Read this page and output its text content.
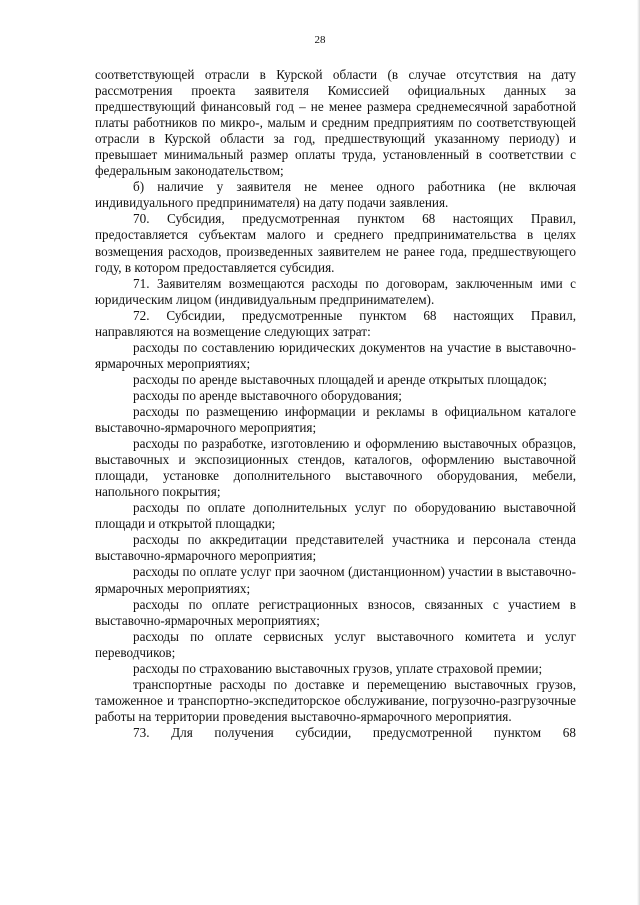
28

соответствующей отрасли в Курской области (в случае отсутствия на дату рассмотрения проекта заявителя Комиссией официальных данных за предшествующий финансовый год – не менее размера среднемесячной заработной платы работников по микро-, малым и средним предприятиям по соответствующей отрасли в Курской области за год, предшествующий указанному периоду) и превышает минимальный размер оплаты труда, установленный в соответствии с федеральным законодательством;

б) наличие у заявителя не менее одного работника (не включая индивидуального предпринимателя) на дату подачи заявления.

70. Субсидия, предусмотренная пунктом 68 настоящих Правил, предоставляется субъектам малого и среднего предпринимательства в целях возмещения расходов, произведенных заявителем не ранее года, предшествующего году, в котором предоставляется субсидия.

71. Заявителям возмещаются расходы по договорам, заключенным ими с юридическим лицом (индивидуальным предпринимателем).

72. Субсидии, предусмотренные пунктом 68 настоящих Правил, направляются на возмещение следующих затрат:

расходы по составлению юридических документов на участие в выставочно-ярмарочных мероприятиях;

расходы по аренде выставочных площадей и аренде открытых площадок;

расходы по аренде выставочного оборудования;

расходы по размещению информации и рекламы в официальном каталоге выставочно-ярмарочного мероприятия;

расходы по разработке, изготовлению и оформлению выставочных образцов, выставочных и экспозиционных стендов, каталогов, оформлению выставочной площади, установке дополнительного выставочного оборудования, мебели, напольного покрытия;

расходы по оплате дополнительных услуг по оборудованию выставочной площади и открытой площадки;

расходы по аккредитации представителей участника и персонала стенда выставочно-ярмарочного мероприятия;

расходы по оплате услуг при заочном (дистанционном) участии в выставочно-ярмарочных мероприятиях;

расходы по оплате регистрационных взносов, связанных с участием в выставочно-ярмарочных мероприятиях;

расходы по оплате сервисных услуг выставочного комитета и услуг переводчиков;

расходы по страхованию выставочных грузов, уплате страховой премии;

транспортные расходы по доставке и перемещению выставочных грузов, таможенное и транспортно-экспедиторское обслуживание, погрузочно-разгрузочные работы на территории проведения выставочно-ярмарочного мероприятия.

73. Для получения субсидии, предусмотренной пунктом 68
